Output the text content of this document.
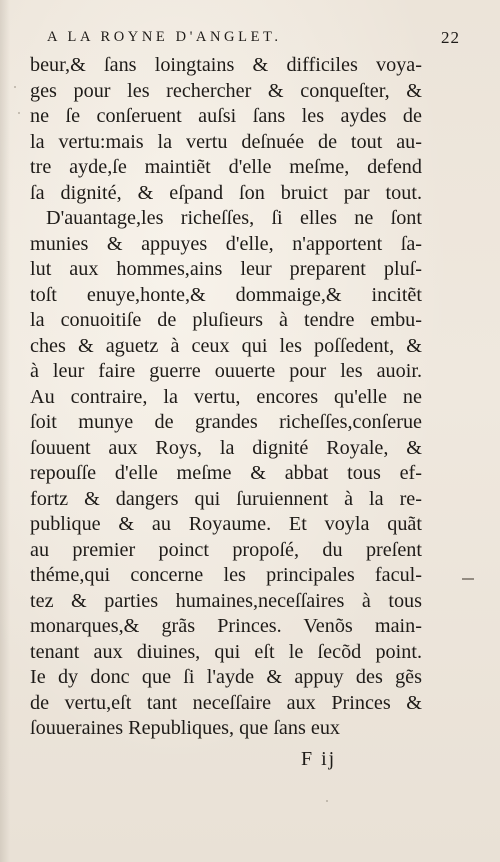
A LA ROYNE D'ANGLET.	22
beur,& ſans loingtains & difficiles voya-
ges pour les rechercher & conqueſter, &
ne ſe conſeruent auſsi ſans les aydes de
la vertu:mais la vertu deſnuée de tout au-
tre ayde,ſe maintiẽt d'elle meſme, defend
ſa dignité, & eſpand ſon bruict par tout.
D'auantage,les richeſſes, ſi elles ne ſont
munies & appuyes d'elle, n'apportent ſa-
lut aux hommes,ains leur preparent pluſ-
toſt enuye,honte,& dommaige,& incitẽt
la conuoitiſe de pluſieurs à tendre embu-
ches & aguetz à ceux qui les poſſedent, &
à leur faire guerre ouuerte pour les auoir.
Au contraire, la vertu, encores qu'elle ne
ſoit munye de grandes richeſſes,conſerue
ſouuent aux Roys, la dignité Royale, &
repouſſe d'elle meſme & abbat tous ef-
fortz & dangers qui ſuruiennent à la re-
publique & au Royaume. Et voyla quãt
au premier poinct propoſé, du preſent
théme,qui concerne les principales facul-
tez & parties humaines,neceſſaires à tous
monarques,& grãs Princes. Venõs main-
tenant aux diuines, qui eſt le ſecõd point.
Ie dy donc que ſi l'ayde & appuy des gẽs
de vertu,eſt tant neceſſaire aux Princes &
ſouueraines Republiques, que ſans eux
F ij
